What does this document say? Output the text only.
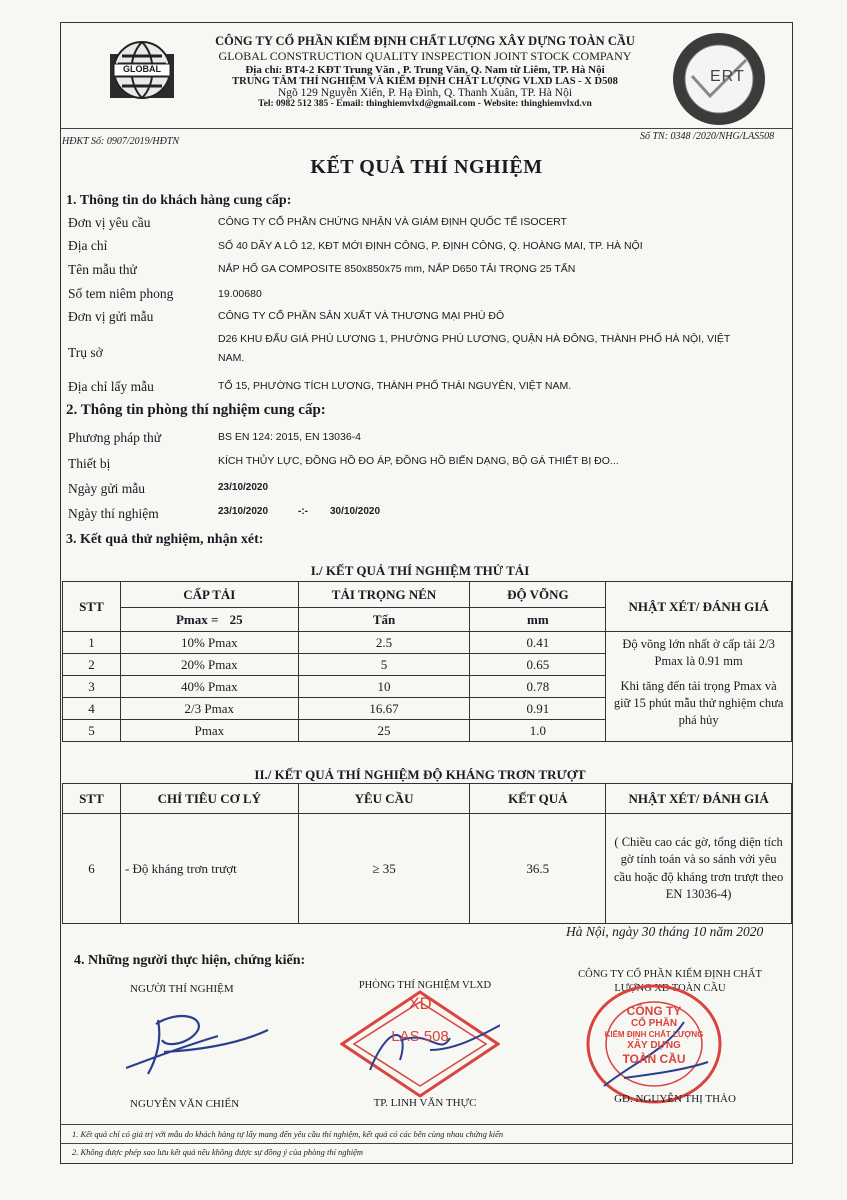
GLOBAL
CÔNG TY CỔ PHẦN KIỂM ĐỊNH CHẤT LƯỢNG XÂY DỰNG TOÀN CẦU
GLOBAL CONSTRUCTION QUALITY INSPECTION JOINT STOCK COMPANY
Địa chỉ: BT4-2 KĐT Trung Văn , P. Trung Văn, Q. Nam từ Liêm, TP. Hà Nội
TRUNG TÂM THÍ NGHIỆM VÀ KIỂM ĐỊNH CHẤT LƯỢNG VLXD LAS - X D508
Ngõ 129 Nguyễn Xiển, P. Hạ Đình, Q. Thanh Xuân, TP. Hà Nội
Tel: 0982 512 385 - Email: thinghiemvlxd@gmail.com - Website: thinghiemvlxd.vn
ERT
HĐKT Số: 0907/2019/HĐTN	Số TN: 0348 /2020/NHG/LAS508
KẾT QUẢ THÍ NGHIỆM
1. Thông tin do khách hàng cung cấp:
Đơn vị yêu cầu	CÔNG TY CỔ PHẦN CHỨNG NHẬN VÀ GIÁM ĐỊNH QUỐC TẾ ISOCERT
Địa chỉ	SỐ 40 DÃY A LÔ 12, KĐT MỚI ĐỊNH CÔNG, P. ĐỊNH CÔNG, Q. HOÀNG MAI, TP. HÀ NỘI
Tên mẫu thử	NẮP HỐ GA COMPOSITE 850x850x75 mm, NẮP D650 TẢI TRỌNG 25 TẤN
Số tem niêm phong	19.00680
Đơn vị gửi mẫu	CÔNG TY CỔ PHẦN SẢN XUẤT VÀ THƯƠNG MẠI PHÚ ĐÔ
Trụ sở
D26 KHU ĐẤU GIÁ PHÚ LƯƠNG 1, PHƯỜNG PHÚ LƯƠNG, QUẬN HÀ ĐÔNG, THÀNH PHỐ HÀ NỘI, VIỆT
NAM.
Địa chỉ lấy mẫu	TỔ 15, PHƯỜNG TÍCH LƯƠNG, THÀNH PHỐ THÁI NGUYÊN, VIỆT NAM.
2. Thông tin phòng thí nghiệm cung cấp:
Phương pháp thử	BS EN 124: 2015, EN 13036-4
Thiết bị	KÍCH THỦY LỰC, ĐỒNG HỒ ĐO ÁP, ĐỒNG HỒ BIẾN DẠNG, BỘ GÁ THIẾT BỊ ĐO...
Ngày gửi mẫu	23/10/2020
Ngày thí nghiệm	23/10/2020	-:- 30/10/2020
3. Kết quả thử nghiệm, nhận xét:
I./ KẾT QUẢ THÍ NGHIỆM THỬ TẢI
STT	CẤP TẢI	TẢI TRỌNG NÉN	ĐỘ VÕNG	NHẬT XÉT/ ĐÁNH GIÁ
	Pmax = 25	Tấn	mm	
1	10% Pmax	2.5	0.41	Độ võng lớn nhất ở cấp tải 2/3 Pmax là 0.91 mm
Khi tăng đến tải trọng Pmax và giữ 15 phút mẫu thử nghiệm chưa phá hủy

2	20% Pmax	5	0.65	
3	40% Pmax	10	0.78	
4	2/3 Pmax	16.67	0.91	
5	Pmax	25	1.0	
II./ KẾT QUẢ THÍ NGHIỆM ĐỘ KHÁNG TRƠN TRƯỢT
STT	CHỈ TIÊU CƠ LÝ	YÊU CẦU	KẾT QUẢ	NHẬT XÉT/ ĐÁNH GIÁ
6	- Độ kháng trơn trượt	≥ 35	36.5	( Chiều cao các gờ, tổng diện tích gờ tính toán và so sánh với yêu cầu hoặc độ kháng trơn trượt theo EN 13036-4)
Hà Nội, ngày 30 tháng 10 năm 2020
4. Những người thực hiện, chứng kiến:
NGƯỜI THÍ NGHIỆM
NGUYỄN VĂN CHIẾN
PHÒNG THÍ NGHIỆM VLXD
XD
LAS 508
TP. LINH VĂN THỰC
CÔNG TY CỔ PHẦN KIỂM ĐỊNH CHẤT
LƯỢNG XD TOÀN CẦU
CÔNG TY
CỔ PHẦN
KIỂM ĐỊNH CHẤT LƯỢNG
XÂY DỰNG
TOÀN CẦU
GĐ. NGUYỄN THỊ THẢO
1. Kết quả chỉ có giá trị với mẫu do khách hàng tự lấy mang đến yêu cầu thí nghiệm, kết quả có các bên cùng nhau chứng kiến
2. Không được phép sao lưu kết quả nếu không được sự đồng ý của phòng thí nghiệm
